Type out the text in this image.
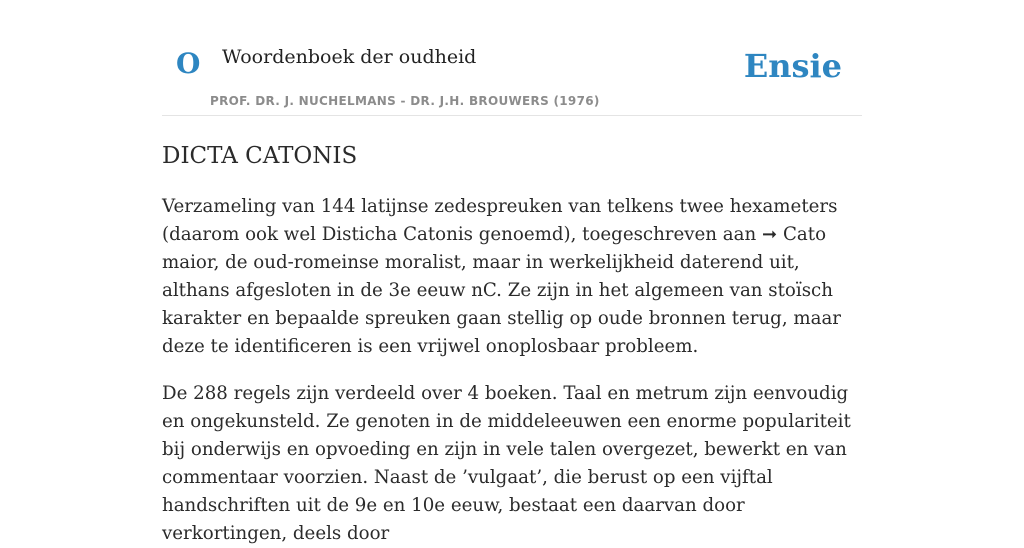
O Woordenboek der oudheid
PROF. DR. J. NUCHELMANS - DR. J.H. BROUWERS (1976)
Ensie
DICTA CATONIS

Verzameling van 144 latijnse zedespreuken van telkens twee hexameters (daarom ook wel Disticha Catonis genoemd), toegeschreven aan ➞ Cato maior, de oud-romeinse moralist, maar in werkelijkheid daterend uit, althans afgesloten in de 3e eeuw nC. Ze zijn in het algemeen van stoïsch karakter en bepaalde spreuken gaan stellig op oude bronnen terug, maar deze te identificeren is een vrijwel onoplosbaar probleem.

De 288 regels zijn verdeeld over 4 boeken. Taal en metrum zijn eenvoudig en ongekunsteld. Ze genoten in de middeleeuwen een enorme populariteit bij onderwijs en opvoeding en zijn in vele talen overgezet, bewerkt en van commentaar voorzien. Naast de ’vulgaat’, die berust op een vijftal handschriften uit de 9e en 10e eeuw, bestaat een daarvan door verkortingen, deels door
